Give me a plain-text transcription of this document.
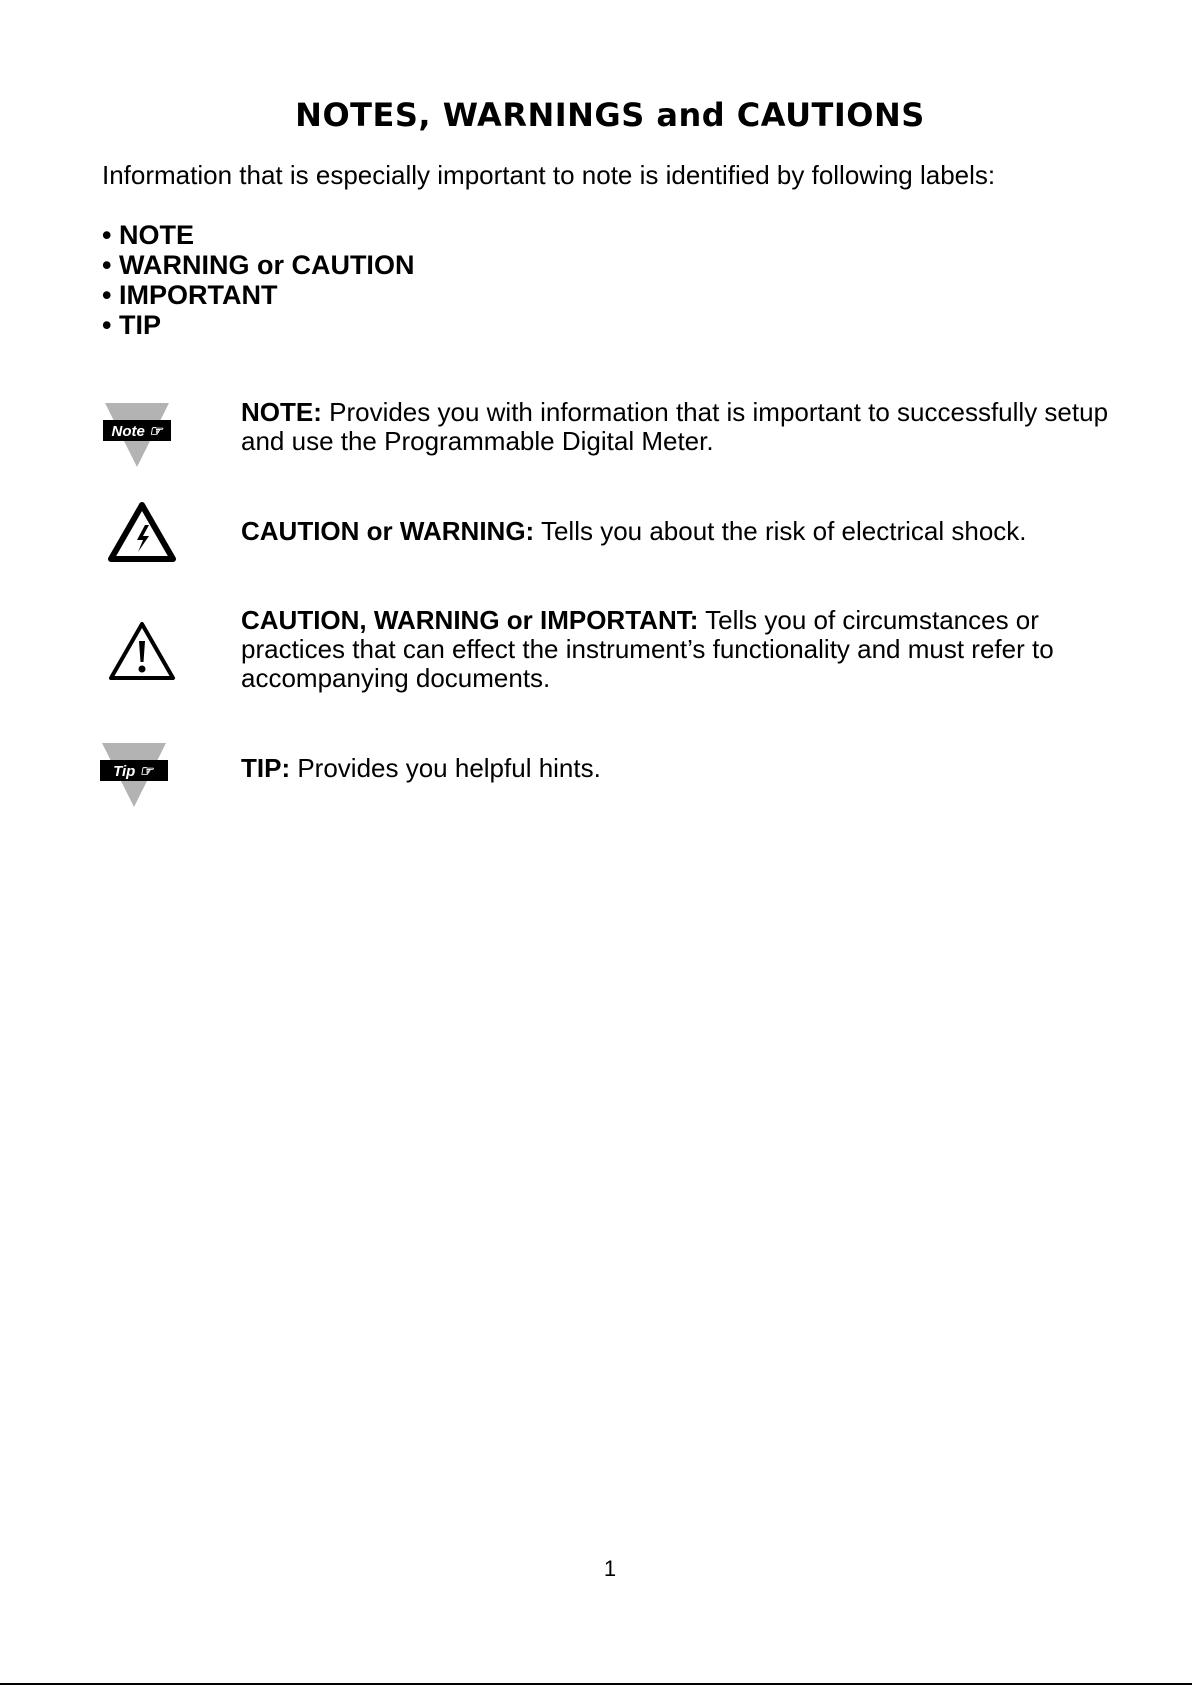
NOTES, WARNINGS and CAUTIONS
Information that is especially important to note is identified by following labels:
• NOTE
• WARNING or CAUTION
• IMPORTANT
• TIP
Note ☞
NOTE: Provides you with information that is important to successfully setup and use the Programmable Digital Meter.
CAUTION or WARNING: Tells you about the risk of electrical shock.
CAUTION, WARNING or IMPORTANT: Tells you of circumstances or practices that can effect the instrument’s functionality and must refer to accompanying documents.
Tip ☞	TIP: Provides you helpful hints.
1
